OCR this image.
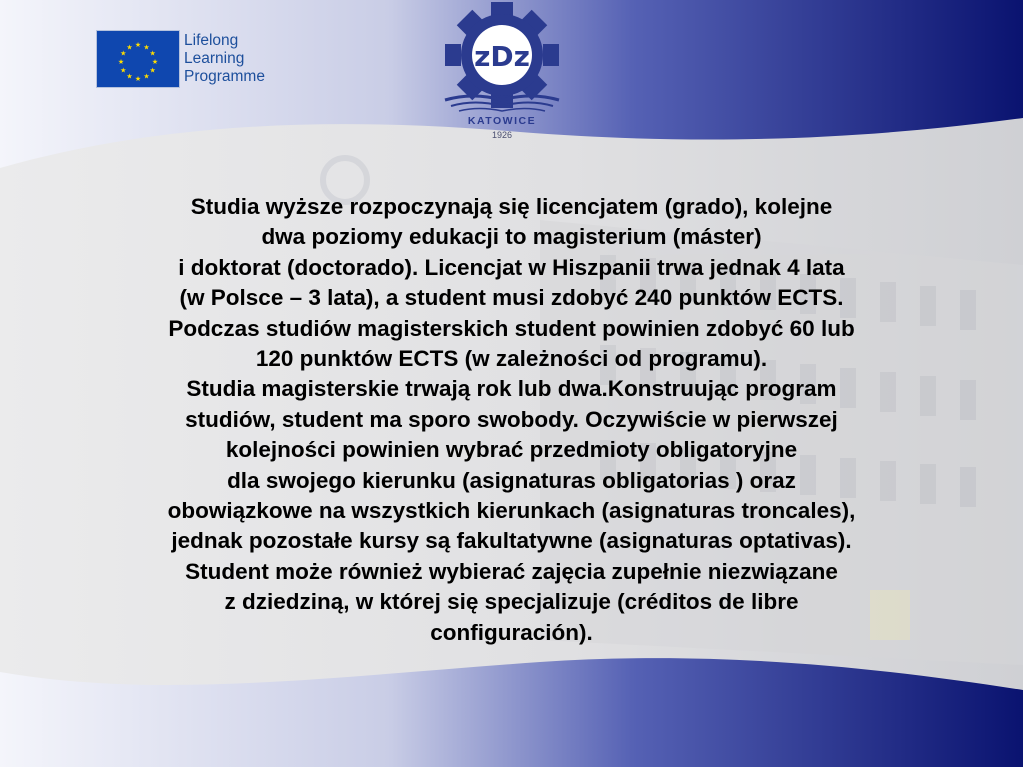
★ ★
★
★
★
★
★
★
★
★
★
★	Lifelong
Learning
Programme
zDz
KATOWICE
1926
Studia wyższe rozpoczynają się licencjatem (grado), kolejne
dwa poziomy edukacji to magisterium (máster)
i doktorat (doctorado). Licencjat w Hiszpanii trwa jednak 4 lata
(w Polsce – 3 lata), a student musi zdobyć 240 punktów ECTS.
Podczas studiów magisterskich student powinien zdobyć 60 lub
120 punktów ECTS (w zależności od programu).
Studia magisterskie trwają rok lub dwa.Konstruując program
studiów, student ma sporo swobody. Oczywiście w pierwszej
kolejności powinien wybrać przedmioty obligatoryjne
dla swojego kierunku (asignaturas obligatorias ) oraz
obowiązkowe na wszystkich kierunkach (asignaturas troncales),
jednak pozostałe kursy są fakultatywne (asignaturas optativas).
Student może również wybierać zajęcia zupełnie niezwiązane
z dziedziną, w której się specjalizuje (créditos de libre
configuración).
